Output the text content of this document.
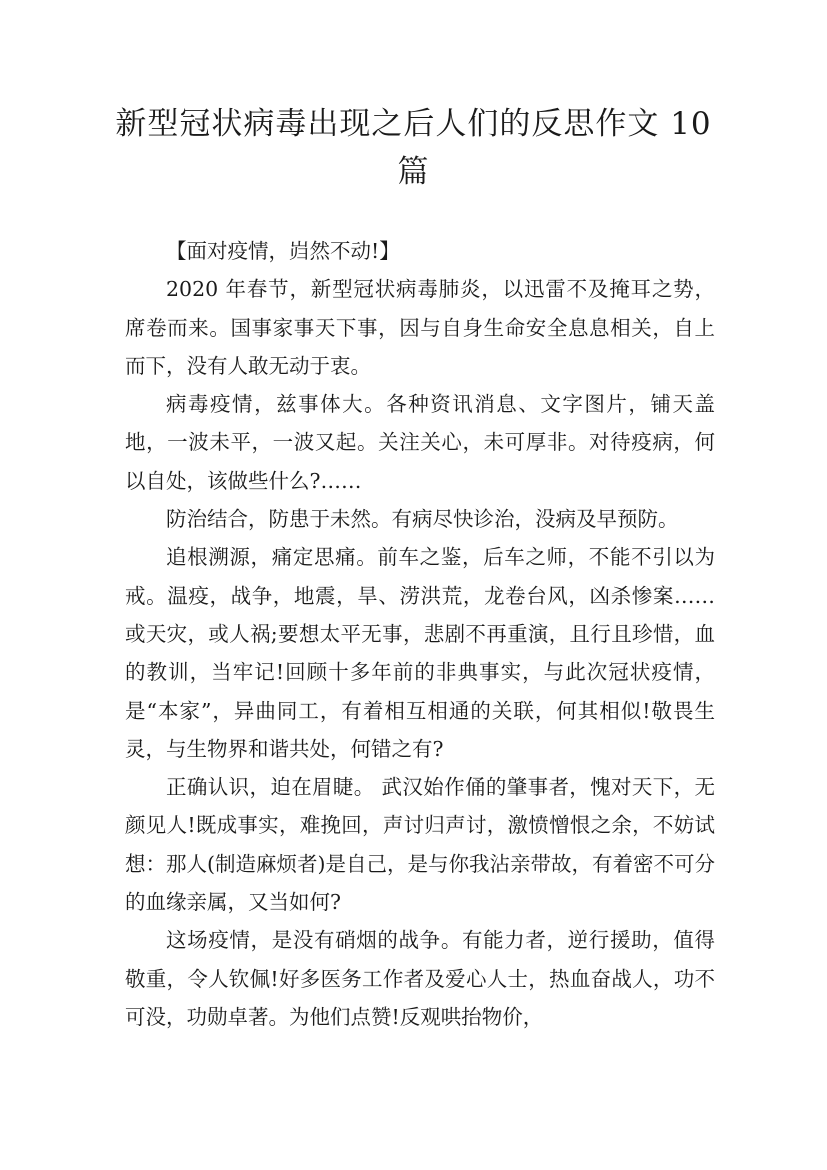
新型冠状病毒出现之后人们的反思作文 10 篇

【面对疫情，岿然不动!】

2020 年春节，新型冠状病毒肺炎，以迅雷不及掩耳之势，席卷而来。国事家事天下事，因与自身生命安全息息相关，自上而下，没有人敢无动于衷。

病毒疫情，兹事体大。各种资讯消息、文字图片，铺天盖地，一波未平，一波又起。关注关心，未可厚非。对待疫病，何以自处，该做些什么?……

防治结合，防患于未然。有病尽快诊治，没病及早预防。

追根溯源，痛定思痛。前车之鉴，后车之师，不能不引以为戒。温疫，战争，地震，旱、涝洪荒，龙卷台风，凶杀惨案……或天灾，或人祸;要想太平无事，悲剧不再重演，且行且珍惜，血的教训，当牢记!回顾十多年前的非典事实，与此次冠状疫情，是“本家”，异曲同工，有着相互相通的关联，何其相似!敬畏生灵，与生物界和谐共处，何错之有?

正确认识，迫在眉睫。 武汉始作俑的肇事者，愧对天下，无颜见人!既成事实，难挽回，声讨归声讨，激愤憎恨之余，不妨试想：那人(制造麻烦者)是自己，是与你我沾亲带故，有着密不可分的血缘亲属，又当如何?

这场疫情，是没有硝烟的战争。有能力者，逆行援助，值得敬重，令人钦佩!好多医务工作者及爱心人士，热血奋战人，功不可没，功勋卓著。为他们点赞!反观哄抬物价，
